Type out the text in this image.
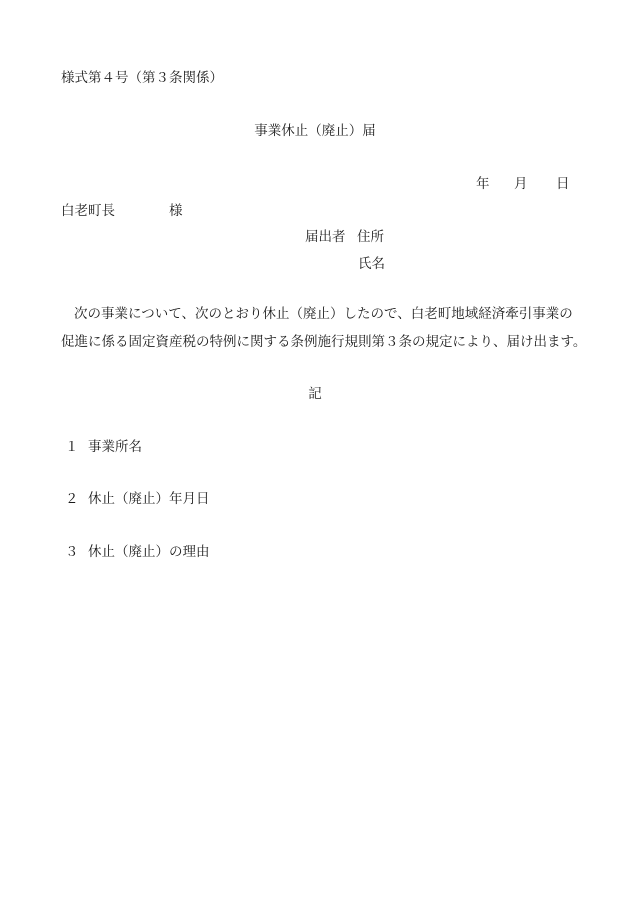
様式第４号（第３条関係）
事業休止（廃止）届
年 月 日
白老町長	様
届出者 住所
氏名
次の事業について、次のとおり休止（廃止）したので、白老町地域経済牽引事業の
促進に係る固定資産税の特例に関する条例施行規則第３条の規定により、届け出ます。
記
１ 事業所名
２ 休止（廃止）年月日
３ 休止（廃止）の理由
